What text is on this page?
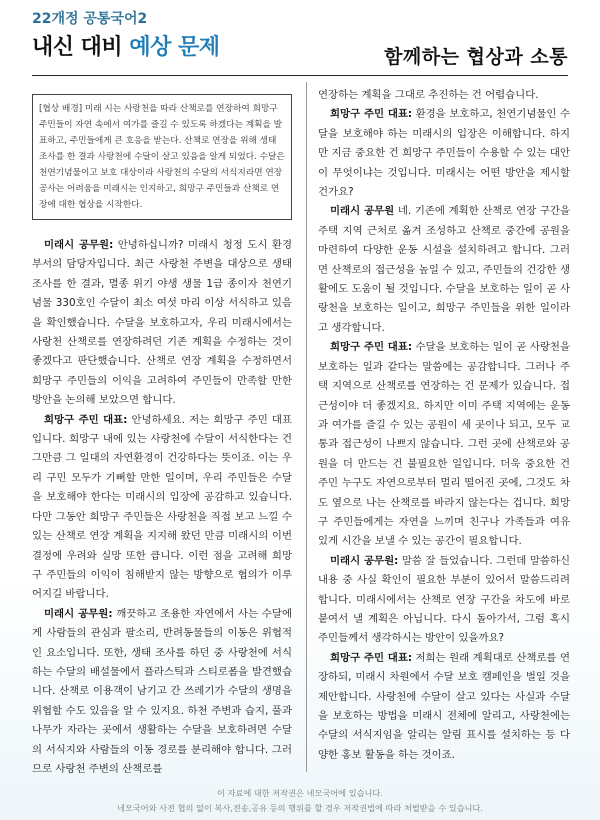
22개정 공통국어2
내신 대비 예상 문제	함께하는 협상과 소통
[협상 배경] 미래 시는 사랑천을 따라 산책로를 연장하여 희망구 주민들이 자연 속에서 여가를 즐길 수 있도록 하겠다는 계획을 발표하고, 주민들에게 큰 호응을 받는다. 산책로 연장을 위해 생태 조사를 한 결과 사랑천에 수달이 살고 있음을 알게 되었다. 수달은 천연기념물이고 보호 대상이라 사랑천의 수달의 서식지라면 연장 공사는 어려움을 미래시는 인지하고, 희망구 주민들과 산책로 연장에 대한 협상을 시작한다.

미래시 공무원: 안녕하십니까? 미래시 청정 도시 환경 부서의 담당자입니다. 최근 사랑천 주변을 대상으로 생태 조사를 한 결과, 멸종 위기 야생 생물 1급 종이자 천연기념물 330호인 수달이 최소 여섯 마리 이상 서식하고 있음을 확인했습니다. 수달을 보호하고자, 우리 미래시에서는 사랑천 산책로를 연장하려던 기존 계획을 수정하는 것이 좋겠다고 판단했습니다. 산책로 연장 계획을 수정하면서 희망구 주민들의 이익을 고려하여 주민들이 만족할 만한 방안을 논의해 보았으면 합니다.

희망구 주민 대표: 안녕하세요. 저는 희망구 주민 대표입니다. 희망구 내에 있는 사랑천에 수달이 서식한다는 건 그만큼 그 일대의 자연환경이 건강하다는 뜻이죠. 이는 우리 구민 모두가 기뻐할 만한 일이며, 우리 주민들은 수달을 보호해야 한다는 미래시의 입장에 공감하고 있습니다. 다만 그동안 희망구 주민들은 사랑천을 직접 보고 느낄 수 있는 산책로 연장 계획을 지지해 왔던 만큼 미래시의 이번 결정에 우려와 실망 또한 큽니다. 이런 점을 고려해 희망구 주민들의 이익이 침해받지 않는 방향으로 협의가 이루어지길 바랍니다.

미래시 공무원: 깨끗하고 조용한 자연에서 사는 수달에게 사람들의 관심과 팔소리, 반려동물들의 이동은 위협적인 요소입니다. 또한, 생태 조사를 하던 중 사랑천에 서식하는 수달의 배설물에서 플라스틱과 스티로폼을 발견했습니다. 산책로 이용객이 남기고 간 쓰레기가 수달의 생명을 위협할 수도 있음을 알 수 있지요. 하천 주변과 습지, 풀과 나무가 자라는 곳에서 생활하는 수달을 보호하려면 수달의 서식지와 사람들의 이동 경로를 분리해야 합니다. 그러므로 사랑천 주변의 산책로를

연장하는 계획을 그대로 추진하는 건 어렵습니다.

희망구 주민 대표: 환경을 보호하고, 천연기념물인 수달을 보호해야 하는 미래시의 입장은 이해합니다. 하지만 지금 중요한 건 희망구 주민들이 수용할 수 있는 대안이 무엇이냐는 것입니다. 미래시는 어떤 방안을 제시할 건가요?

미래시 공무원 네. 기존에 계획한 산책로 연장 구간을 주택 지역 근처로 옮겨 조성하고 산책로 중간에 공원을 마련하여 다양한 운동 시설을 설치하려고 합니다. 그러면 산책로의 접근성을 높일 수 있고, 주민들의 건강한 생활에도 도움이 될 것입니다. 수달을 보호하는 일이 곧 사랑천을 보호하는 일이고, 희망구 주민들을 위한 일이라고 생각합니다.

희망구 주민 대표: 수달을 보호하는 일이 곧 사랑천을 보호하는 일과 같다는 말씀에는 공감합니다. 그러나 주택 지역으로 산책로를 연장하는 건 문제가 있습니다. 접근성이야 더 좋겠지요. 하지만 이미 주택 지역에는 운동과 여가를 즐길 수 있는 공원이 세 곳이나 되고, 모두 교통과 접근성이 나쁘지 않습니다. 그런 곳에 산책로와 공원을 더 만드는 건 불필요한 일입니다. 더욱 중요한 건 주민 누구도 자연으로부터 멀리 떨어진 곳에, 그것도 차도 옆으로 나는 산책로를 바라지 않는다는 겁니다. 희망구 주민들에게는 자연을 느끼며 친구나 가족들과 여유 있게 시간을 보낼 수 있는 공간이 필요합니다.

미래시 공무원: 말씀 잘 들었습니다. 그런데 말씀하신 내용 중 사실 확인이 필요한 부분이 있어서 말씀드리려 합니다. 미래시에서는 산책로 연장 구간을 차도에 바로 붙여서 낼 계획은 아닙니다. 다시 돌아가서, 그럼 혹시 주민들께서 생각하시는 방안이 있을까요?

희망구 주민 대표: 저희는 원래 계획대로 산책로를 연장하되, 미래시 차원에서 수달 보호 캠페인을 벌일 것을 제안합니다. 사랑천에 수달이 살고 있다는 사실과 수달을 보호하는 방법을 미래시 전체에 알리고, 사랑천에는 수달의 서식지임을 알리는 알림 표시를 설치하는 등 다양한 홍보 활동을 하는 것이죠.

이 자료에 대한 저작권은 네모국어에 있습니다.
네모국어와 사전 협의 없이 복사,전송,공유 등의 행위를 할 경우 저작권법에 따라 처벌받을 수 있습니다.
